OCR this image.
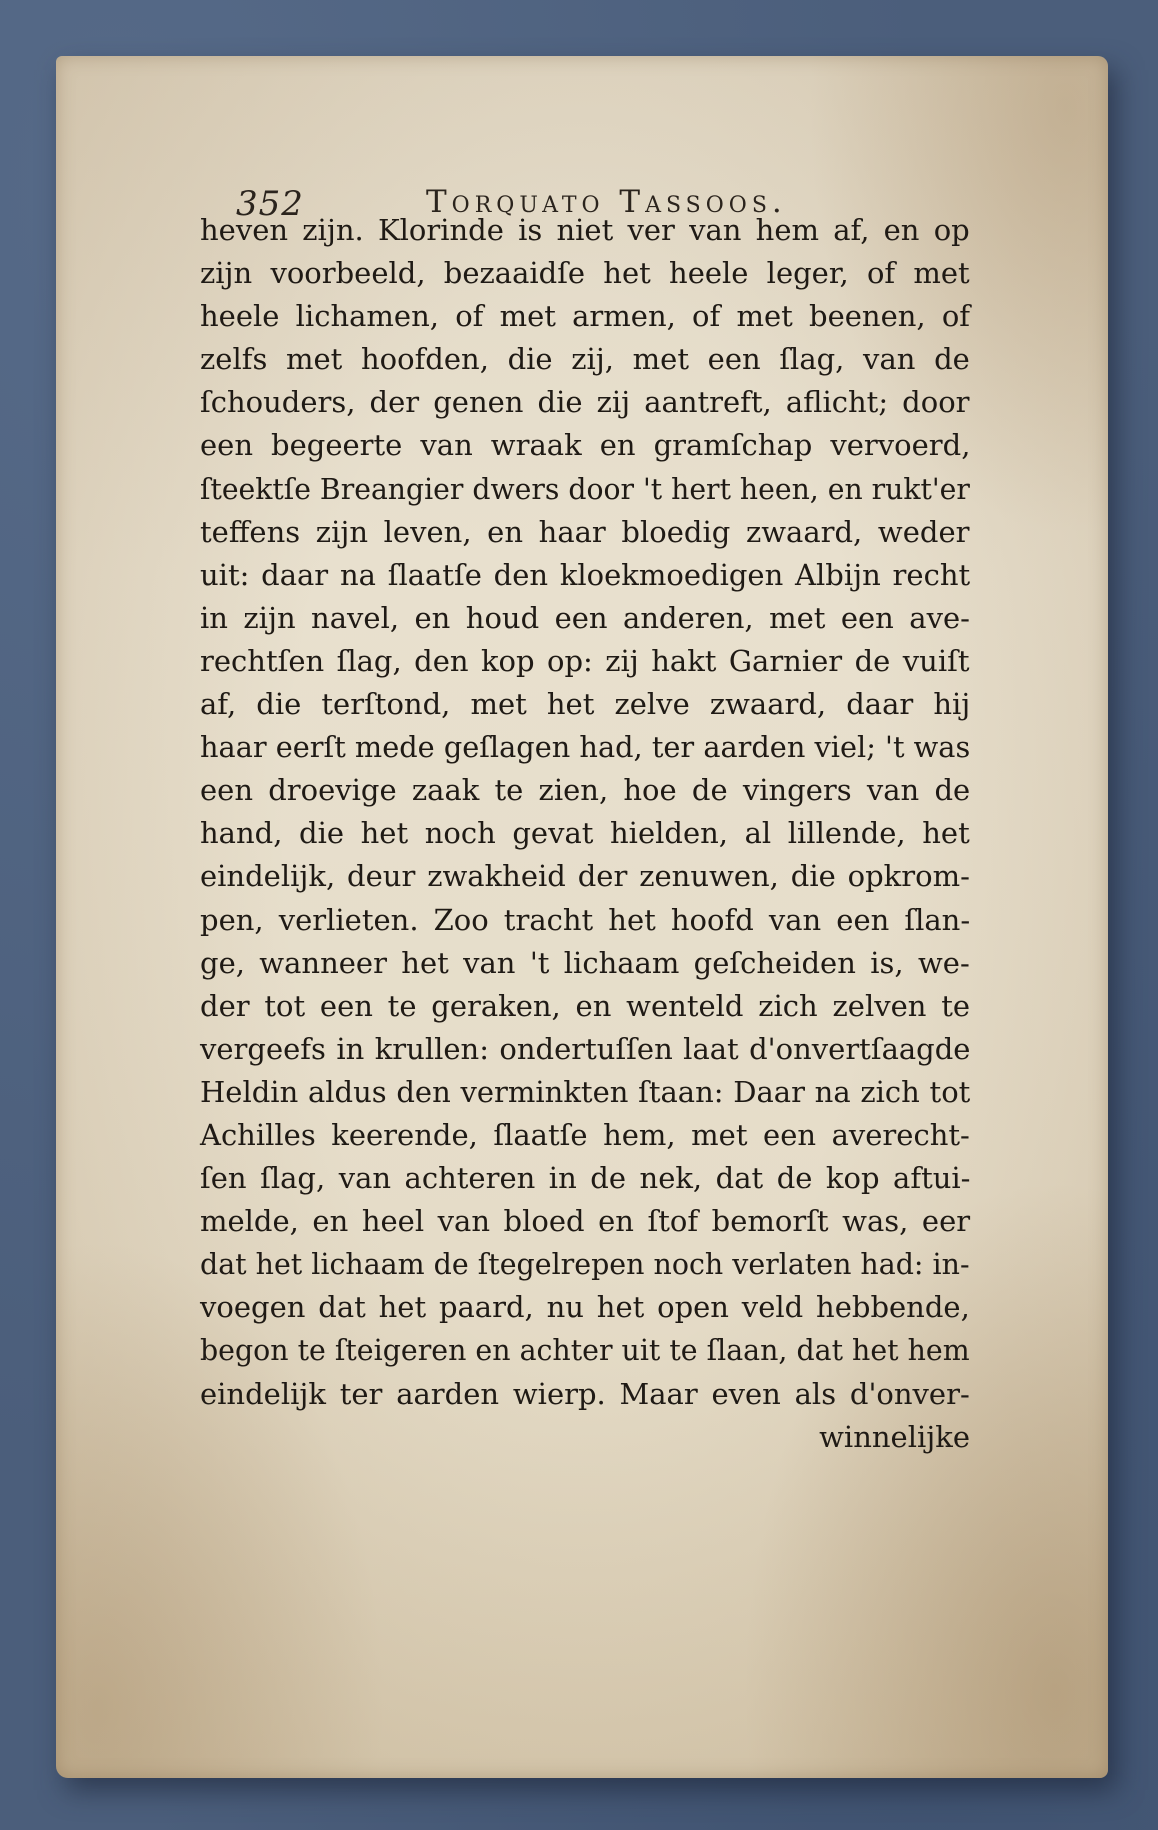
352	Torquato Tassoos.
heven zijn. Klorinde is niet ver van hem af, en op
zijn voorbeeld, bezaaidſe het heele leger, of met
heele lichamen, of met armen, of met beenen, of
zelfs met hoofden, die zij, met een ſlag, van de
ſchouders, der genen die zij aantreft, aflicht; door
een begeerte van wraak en gramſchap vervoerd,
ſteektſe Breangier dwers door 't hert heen, en rukt'er
teffens zijn leven, en haar bloedig zwaard, weder
uit: daar na ſlaatſe den kloekmoedigen Albijn recht
in zijn navel, en houd een anderen, met een ave-
rechtſen ſlag, den kop op: zij hakt Garnier de vuiſt
af, die terſtond, met het zelve zwaard, daar hij
haar eerſt mede geſlagen had, ter aarden viel; 't was
een droevige zaak te zien, hoe de vingers van de
hand, die het noch gevat hielden, al lillende, het
eindelijk, deur zwakheid der zenuwen, die opkrom-
pen, verlieten. Zoo tracht het hoofd van een ſlan-
ge, wanneer het van 't lichaam geſcheiden is, we-
der tot een te geraken, en wenteld zich zelven te
vergeefs in krullen: ondertuſſen laat d'onvertſaagde
Heldin aldus den verminkten ſtaan: Daar na zich tot
Achilles keerende, ſlaatſe hem, met een averecht-
ſen ſlag, van achteren in de nek, dat de kop aftui-
melde, en heel van bloed en ſtof bemorſt was, eer
dat het lichaam de ſtegelrepen noch verlaten had: in-
voegen dat het paard, nu het open veld hebbende,
begon te ſteigeren en achter uit te ſlaan, dat het hem
eindelijk ter aarden wierp. Maar even als d'onver-
winnelijke
